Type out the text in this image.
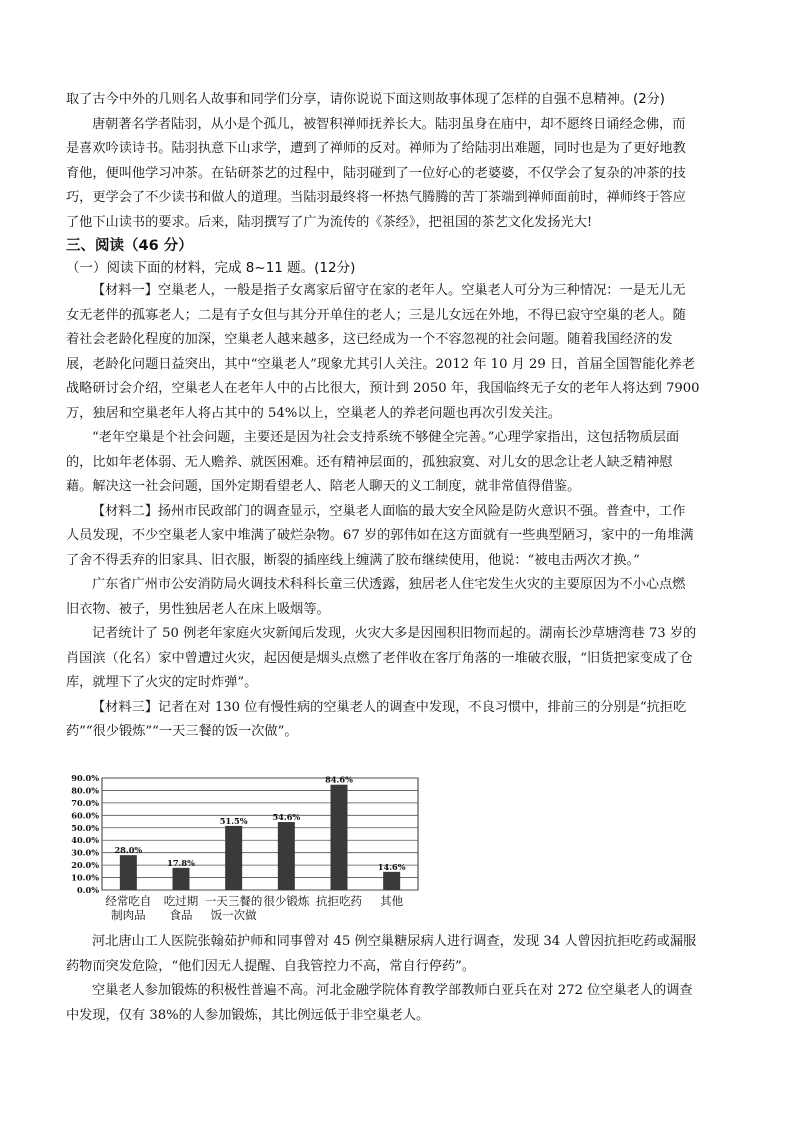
取了古今中外的几则名人故事和同学们分享，请你说说下面这则故事体现了怎样的自强不息精神。(2分)
唐朝著名学者陆羽，从小是个孤儿，被智积禅师抚养长大。陆羽虽身在庙中，却不愿终日诵经念佛，而
是喜欢吟读诗书。陆羽执意下山求学，遭到了禅师的反对。禅师为了给陆羽出难题，同时也是为了更好地教
育他，便叫他学习冲茶。在钻研茶艺的过程中，陆羽碰到了一位好心的老婆婆，不仅学会了复杂的冲茶的技
巧，更学会了不少读书和做人的道理。当陆羽最终将一杯热气腾腾的苦丁茶端到禅师面前时，禅师终于答应
了他下山读书的要求。后来，陆羽撰写了广为流传的《茶经》，把祖国的茶艺文化发扬光大!
三、阅读（46 分）
（一）阅读下面的材料，完成 8~11 题。(12分)
【材料一】空巢老人，一般是指子女离家后留守在家的老年人。空巢老人可分为三种情况：一是无儿无
女无老伴的孤寡老人；二是有子女但与其分开单住的老人；三是儿女远在外地，不得已寂守空巢的老人。随
着社会老龄化程度的加深，空巢老人越来越多，这已经成为一个不容忽视的社会问题。随着我国经济的发
展，老龄化问题日益突出，其中“空巢老人”现象尤其引人关注。2012 年 10 月 29 日，首届全国智能化养老
战略研讨会介绍，空巢老人在老年人中的占比很大，预计到 2050 年，我国临终无子女的老年人将达到 7900
万，独居和空巢老年人将占其中的 54%以上，空巢老人的养老问题也再次引发关注。
“老年空巢是个社会问题，主要还是因为社会支持系统不够健全完善。”心理学家指出，这包括物质层面
的，比如年老体弱、无人赡养、就医困难。还有精神层面的，孤独寂寞、对儿女的思念让老人缺乏精神慰
藉。解决这一社会问题，国外定期看望老人、陪老人聊天的义工制度，就非常值得借鉴。
【材料二】扬州市民政部门的调查显示，空巢老人面临的最大安全风险是防火意识不强。普查中，工作
人员发现，不少空巢老人家中堆满了破烂杂物。67 岁的郭伟如在这方面就有一些典型陋习，家中的一角堆满
了舍不得丢弃的旧家具、旧衣服，断裂的插座线上缠满了胶布继续使用，他说：“被电击两次才换。”
广东省广州市公安消防局火调技术科科长童三伏透露，独居老人住宅发生火灾的主要原因为不小心点燃
旧衣物、被子，男性独居老人在床上吸烟等。
记者统计了 50 例老年家庭火灾新闻后发现，火灾大多是因囤积旧物而起的。湖南长沙草塘湾巷 73 岁的
肖国滨（化名）家中曾遭过火灾，起因便是烟头点燃了老伴收在客厅角落的一堆破衣服，“旧货把家变成了仓
库，就埋下了火灾的定时炸弹”。
【材料三】记者在对 130 位有慢性病的空巢老人的调查中发现，不良习惯中，排前三的分别是“抗拒吃
药”“很少锻炼”“一天三餐的饭一次做”。
0.0%
10.0%
20.0%
30.0%
40.0%
50.0%
60.0%
70.0%
80.0%
90.0%
28.0%
经常吃自
制肉品
17.8%
吃过期
食品
51.5%
一天三餐的
饭一次做
54.6%
很少锻炼
84.6%
抗拒吃药
14.6%
其他
河北唐山工人医院张翰茹护师和同事曾对 45 例空巢糖尿病人进行调查，发现 34 人曾因抗拒吃药或漏服
药物而突发危险，“他们因无人提醒、自我管控力不高，常自行停药”。
空巢老人参加锻炼的积极性普遍不高。河北金融学院体育教学部教师白亚兵在对 272 位空巢老人的调查
中发现，仅有 38%的人参加锻炼，其比例远低于非空巢老人。
